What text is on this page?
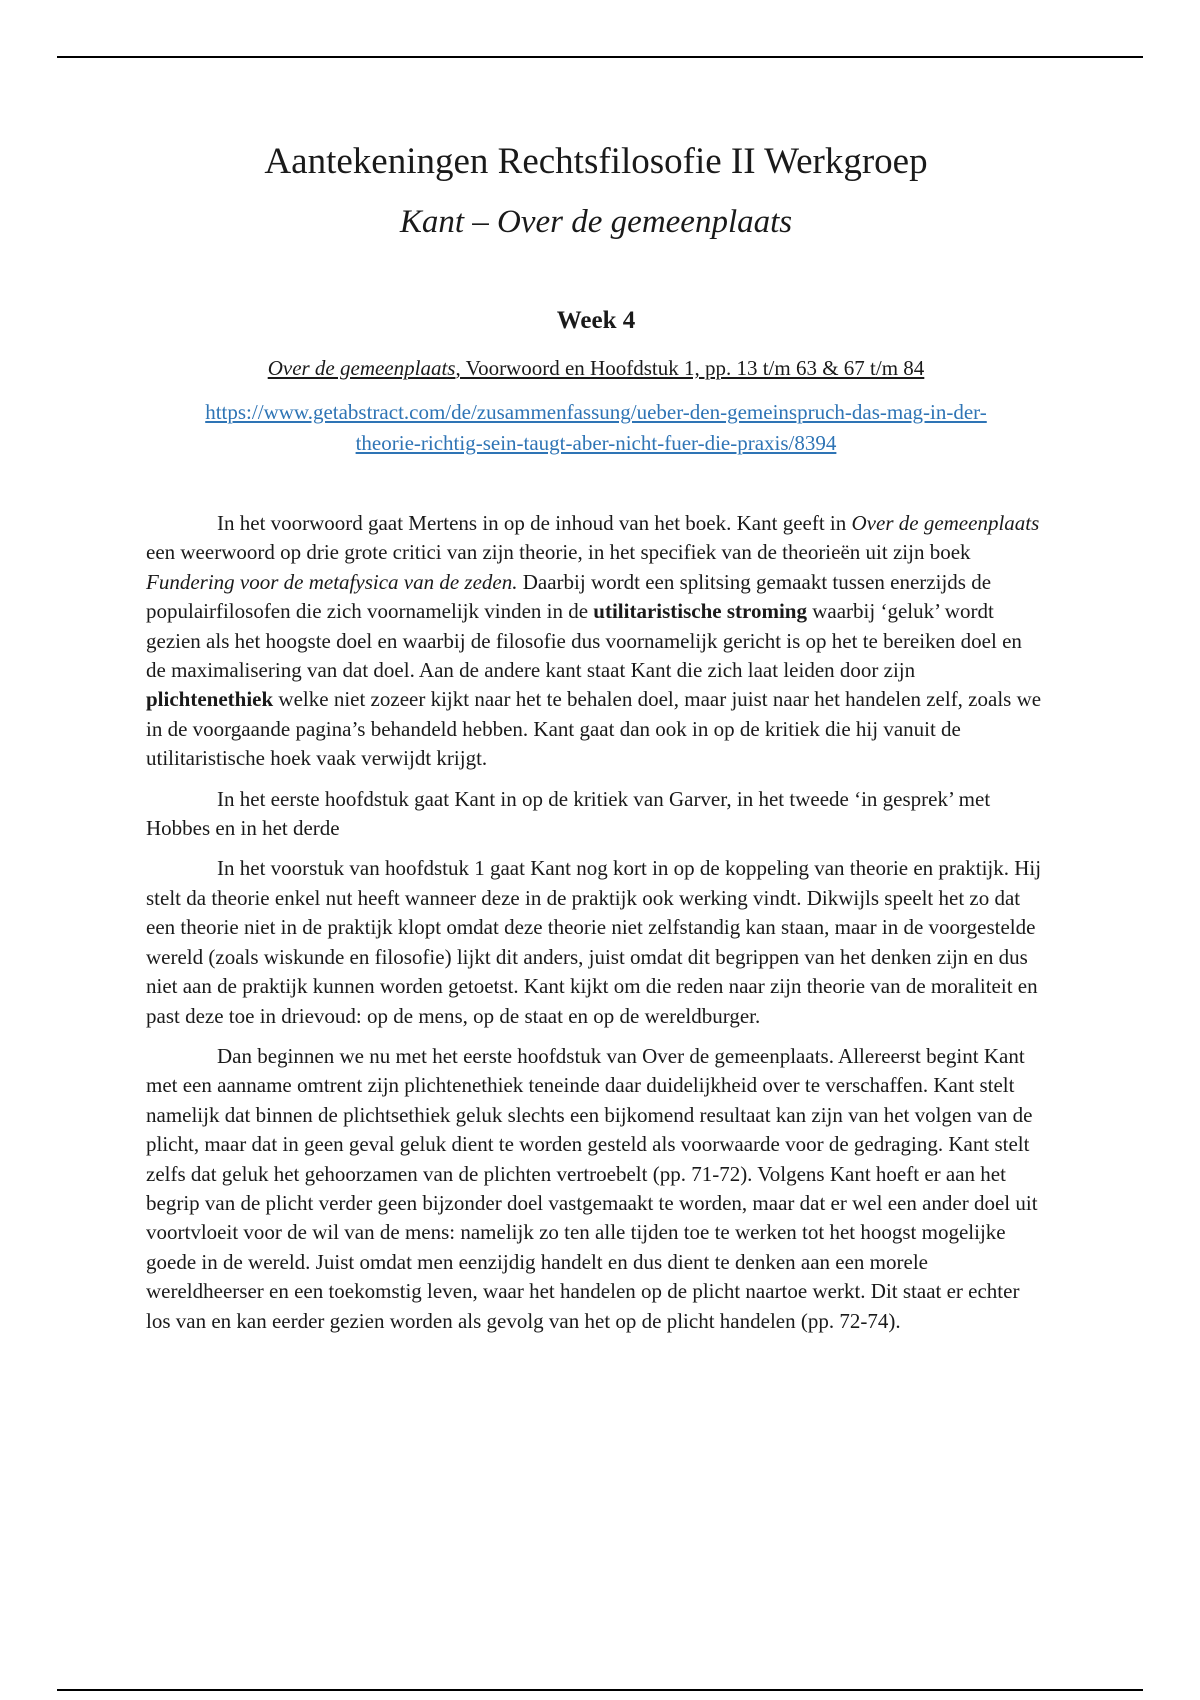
Aantekeningen Rechtsfilosofie II Werkgroep
Kant – Over de gemeenplaats
Week 4
Over de gemeenplaats, Voorwoord en Hoofdstuk 1, pp. 13 t/m 63 & 67 t/m 84
https://www.getabstract.com/de/zusammenfassung/ueber-den-gemeinspruch-das-mag-in-der-
theorie-richtig-sein-taugt-aber-nicht-fuer-die-praxis/8394

In het voorwoord gaat Mertens in op de inhoud van het boek. Kant geeft in Over de gemeenplaats een weerwoord op drie grote critici van zijn theorie, in het specifiek van de theorieën uit zijn boek Fundering voor de metafysica van de zeden. Daarbij wordt een splitsing gemaakt tussen enerzijds de populairfilosofen die zich voornamelijk vinden in de utilitaristische stroming waarbij ‘geluk’ wordt gezien als het hoogste doel en waarbij de filosofie dus voornamelijk gericht is op het te bereiken doel en de maximalisering van dat doel. Aan de andere kant staat Kant die zich laat leiden door zijn plichtenethiek welke niet zozeer kijkt naar het te behalen doel, maar juist naar het handelen zelf, zoals we in de voorgaande pagina’s behandeld hebben. Kant gaat dan ook in op de kritiek die hij vanuit de utilitaristische hoek vaak verwijdt krijgt.

In het eerste hoofdstuk gaat Kant in op de kritiek van Garver, in het tweede ‘in gesprek’ met Hobbes en in het derde

In het voorstuk van hoofdstuk 1 gaat Kant nog kort in op de koppeling van theorie en praktijk. Hij stelt da theorie enkel nut heeft wanneer deze in de praktijk ook werking vindt. Dikwijls speelt het zo dat een theorie niet in de praktijk klopt omdat deze theorie niet zelfstandig kan staan, maar in de voorgestelde wereld (zoals wiskunde en filosofie) lijkt dit anders, juist omdat dit begrippen van het denken zijn en dus niet aan de praktijk kunnen worden getoetst. Kant kijkt om die reden naar zijn theorie van de moraliteit en past deze toe in drievoud: op de mens, op de staat en op de wereldburger.

Dan beginnen we nu met het eerste hoofdstuk van Over de gemeenplaats. Allereerst begint Kant met een aanname omtrent zijn plichtenethiek teneinde daar duidelijkheid over te verschaffen. Kant stelt namelijk dat binnen de plichtsethiek geluk slechts een bijkomend resultaat kan zijn van het volgen van de plicht, maar dat in geen geval geluk dient te worden gesteld als voorwaarde voor de gedraging. Kant stelt zelfs dat geluk het gehoorzamen van de plichten vertroebelt (pp. 71-72). Volgens Kant hoeft er aan het begrip van de plicht verder geen bijzonder doel vastgemaakt te worden, maar dat er wel een ander doel uit voortvloeit voor de wil van de mens: namelijk zo ten alle tijden toe te werken tot het hoogst mogelijke goede in de wereld. Juist omdat men eenzijdig handelt en dus dient te denken aan een morele wereldheerser en een toekomstig leven, waar het handelen op de plicht naartoe werkt. Dit staat er echter los van en kan eerder gezien worden als gevolg van het op de plicht handelen (pp. 72-74).
